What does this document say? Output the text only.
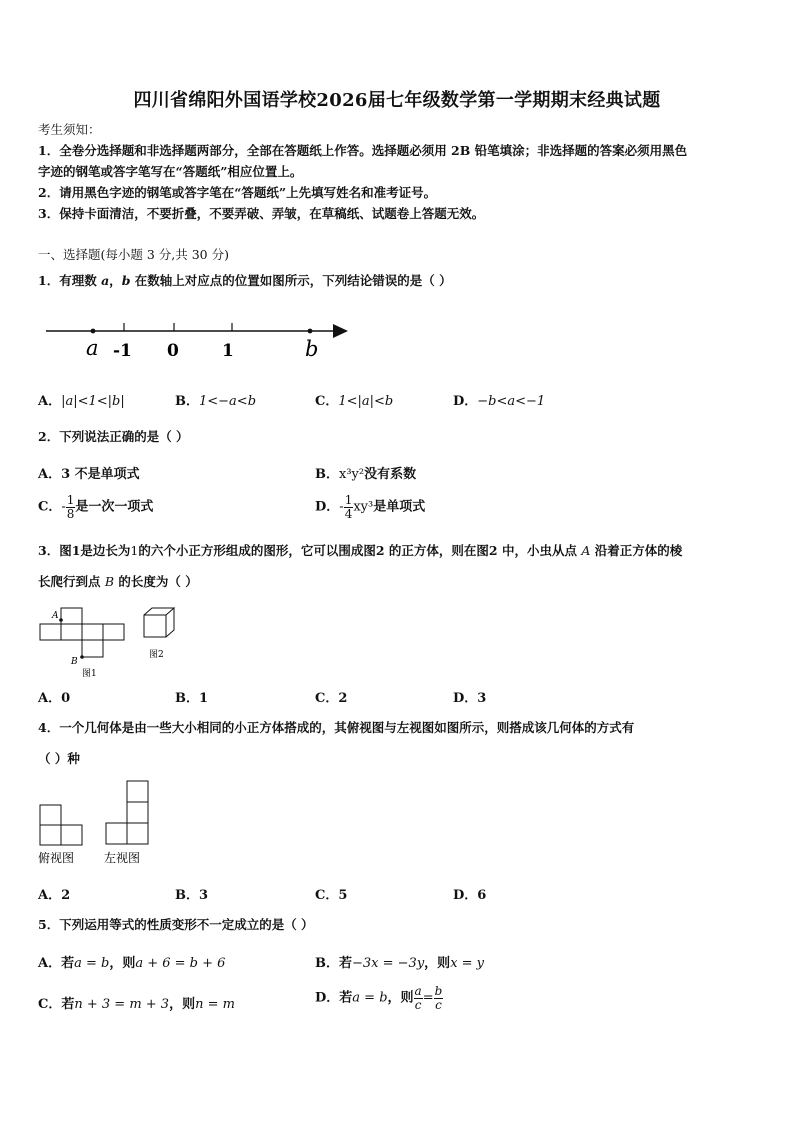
四川省绵阳外国语学校2026届七年级数学第一学期期末经典试题
考生须知：
1．全卷分选择题和非选择题两部分，全部在答题纸上作答。选择题必须用 2B 铅笔填涂；非选择题的答案必须用黑色
字迹的钢笔或答字笔写在“答题纸”相应位置上。
2．请用黑色字迹的钢笔或答字笔在“答题纸”上先填写姓名和准考证号。
3．保持卡面清洁，不要折叠，不要弄破、弄皱，在草稿纸、试题卷上答题无效。
一、选择题(每小题 3 分,共 30 分)
1．有理数 a，b 在数轴上对应点的位置如图所示，下列结论错误的是（ ）
a -1 0	1	b
A．|a|<1<|b|	B．1<−a<b	C．1<|a|<b	D．−b<a<−1
2．下列说法正确的是（ ）
A．3 不是单项式	B．x³y²没有系数
C．- $\frac{1}{8}$ 是一次一项式	D．- $\frac{1}{4} xy^3$是单项式
3．图1是边长为1的六个小正方形组成的图形，它可以围成图2 的正方体，则在图2 中，小虫从点 A 沿着正方体的棱
长爬行到点 B 的长度为（ ）
A
B
图1
图2
A．0	B．1	C．2	D．3
4．一个几何体是由一些大小相同的小正方体搭成的，其俯视图与左视图如图所示，则搭成该几何体的方式有
（ ）种
俯视图 左视图
A．2	B．3	C．5	D．6
5．下列运用等式的性质变形不一定成立的是（ ）
A．若a = b，则a + 6 = b + 6	B．若−3x = −3y，则x = y
C．若n + 3 = m + 3，则n = m	D．若a = b，则 $\frac{a}{c} = \frac{b}{c}$
